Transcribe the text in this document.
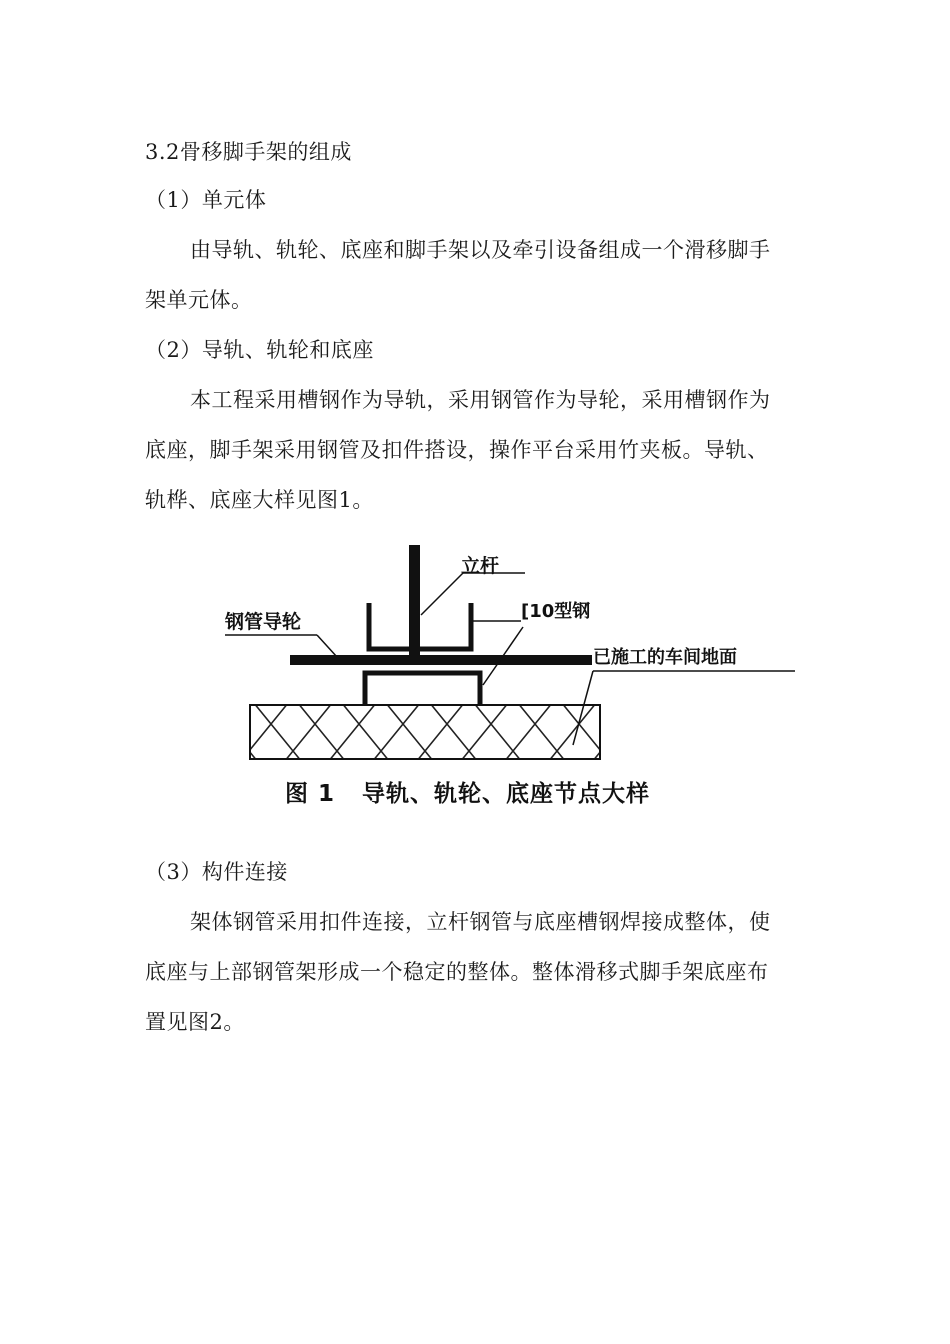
3.2骨移脚手架的组成
（1）单元体
由导轨、轨轮、底座和脚手架以及牵引设备组成一个滑移脚手
架单元体。
（2）导轨、轨轮和底座
本工程采用槽钢作为导轨，采用钢管作为导轮，采用槽钢作为
底座，脚手架采用钢管及扣件搭设，操作平台采用竹夹板。导轨、
轨桦、底座大样见图1。
立杆
钢管导轮	[10型钢
已施工的车间地面
图 1   导轨、轨轮、底座节点大样
（3）构件连接
架体钢管采用扣件连接，立杆钢管与底座槽钢焊接成整体，使
底座与上部钢管架形成一个稳定的整体。整体滑移式脚手架底座布
置见图2。
